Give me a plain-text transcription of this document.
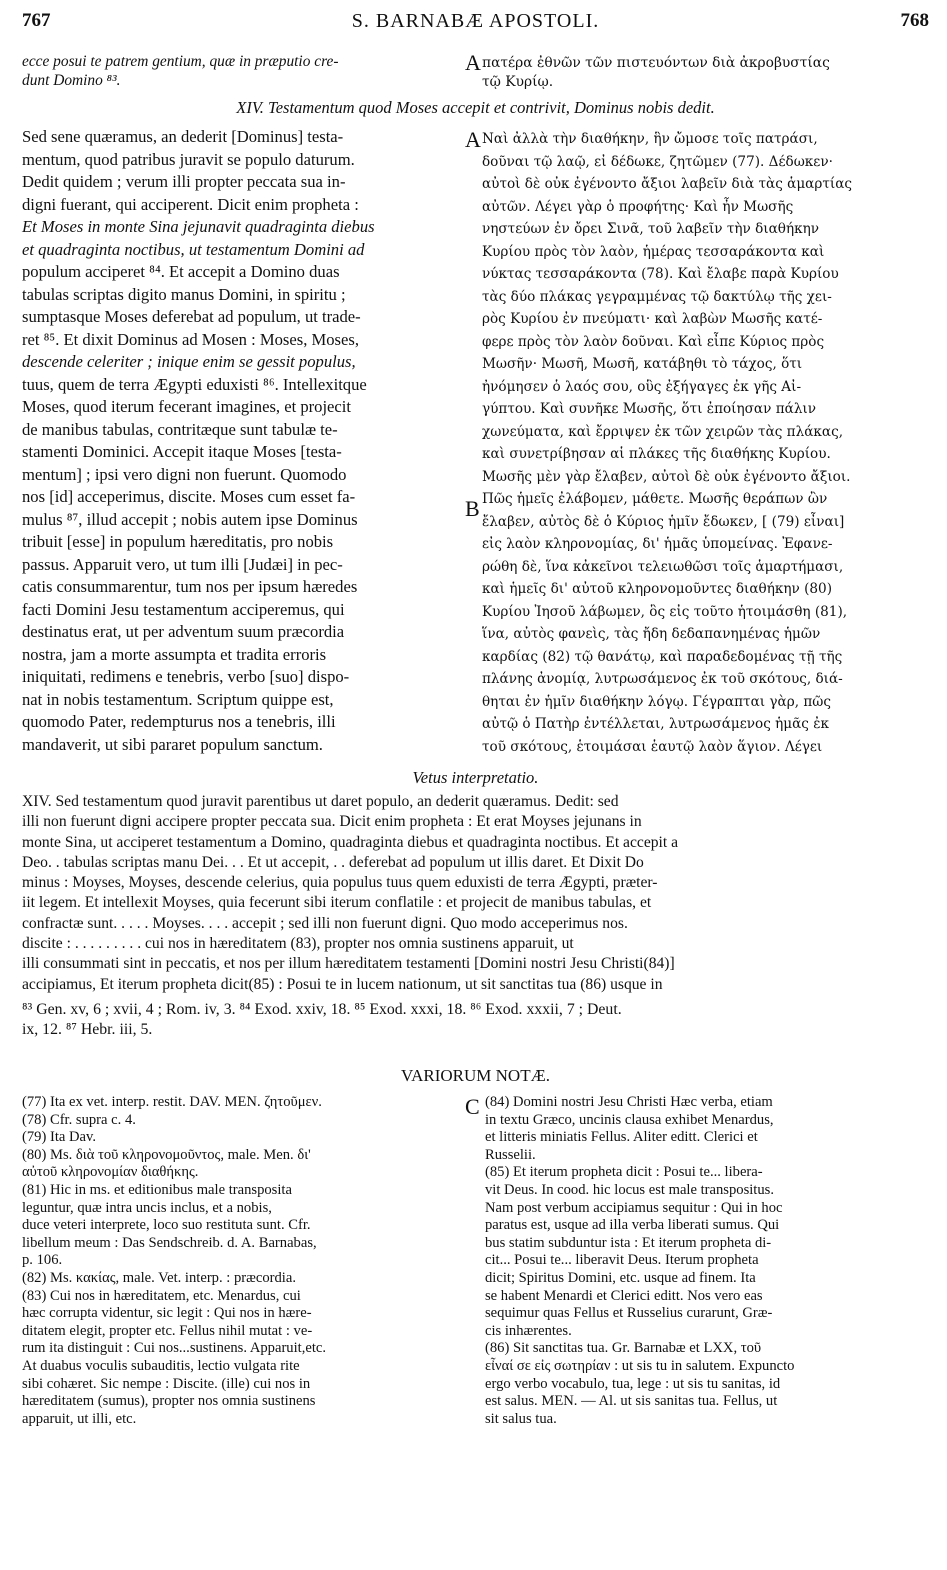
767	S. BARNABÆ APOSTOLI.	768

ecce posui te patrem gentium, quæ in præputio cre-

dunt Domino ⁸³.

πατέρα ἐθνῶν τῶν πιστευόντων διὰ ἀκροβυστίας

τῷ Κυρίῳ.

XIV. Testamentum quod Moses accepit et contrivit, Dominus nobis dedit.

A
A
B
C

Sed sene quæramus, an dederit [Dominus] testa-

mentum, quod patribus juravit se populo daturum.

Dedit quidem ; verum illi propter peccata sua in-

digni fuerant, qui acciperent. Dicit enim propheta :

Et Moses in monte Sina jejunavit quadraginta diebus

et quadraginta noctibus, ut testamentum Domini ad

populum acciperet ⁸⁴. Et accepit a Domino duas

tabulas scriptas digito manus Domini, in spiritu ;

sumptasque Moses deferebat ad populum, ut trade-

ret ⁸⁵. Et dixit Dominus ad Mosen : Moses, Moses,

descende celeriter ; inique enim se gessit populus,

tuus, quem de terra Ægypti eduxisti ⁸⁶. Intellexitque

Moses, quod iterum fecerant imagines, et projecit

de manibus tabulas, contritæque sunt tabulæ te-

stamenti Dominici. Accepit itaque Moses [testa-

mentum] ; ipsi vero digni non fuerunt. Quomodo

nos [id] acceperimus, discite. Moses cum esset fa-

mulus ⁸⁷, illud accepit ; nobis autem ipse Dominus

tribuit [esse] in populum hæreditatis, pro nobis

passus. Apparuit vero, ut tum illi [Judæi] in pec-

catis consummarentur, tum nos per ipsum hæredes

facti Domini Jesu testamentum acciperemus, qui

destinatus erat, ut per adventum suum præcordia

nostra, jam a morte assumpta et tradita erroris

iniquitati, redimens e tenebris, verbo [suo] dispo-

nat in nobis testamentum. Scriptum quippe est,

quomodo Pater, redempturus nos a tenebris, illi

mandaverit, ut sibi pararet populum sanctum.

Ναὶ ἀλλὰ τὴν διαθήκην, ἣν ὤμοσε τοῖς πατράσι,

δοῦναι τῷ λαῷ, εἰ δέδωκε, ζητῶμεν (77). Δέδωκεν·

αὐτοὶ δὲ οὐκ ἐγένοντο ἄξιοι λαβεῖν διὰ τὰς ἁμαρτίας

αὐτῶν. Λέγει γὰρ ὁ προφήτης· Καὶ ἦν Μωσῆς

νηστεύων ἐν ὄρει Σινᾶ, τοῦ λαβεῖν τὴν διαθήκην

Κυρίου πρὸς τὸν λαὸν, ἡμέρας τεσσαράκοντα καὶ

νύκτας τεσσαράκοντα (78). Καὶ ἔλαβε παρὰ Κυρίου

τὰς δύο πλάκας γεγραμμένας τῷ δακτύλῳ τῆς χει-

ρὸς Κυρίου ἐν πνεύματι· καὶ λαβὼν Μωσῆς κατέ-

φερε πρὸς τὸν λαὸν δοῦναι. Καὶ εἶπε Κύριος πρὸς

Μωσῆν· Μωσῆ, Μωσῆ, κατάβηθι τὸ τάχος, ὅτι

ἠνόμησεν ὁ λαός σου, οὓς ἐξήγαγες ἐκ γῆς Αἰ-

γύπτου. Καὶ συνῆκε Μωσῆς, ὅτι ἐποίησαν πάλιν

χωνεύματα, καὶ ἔρριψεν ἐκ τῶν χειρῶν τὰς πλάκας,

καὶ συνετρίβησαν αἱ πλάκες τῆς διαθήκης Κυρίου.

Μωσῆς μὲν γὰρ ἔλαβεν, αὐτοὶ δὲ οὐκ ἐγένοντο ἄξιοι.

Πῶς ἡμεῖς ἐλάβομεν, μάθετε. Μωσῆς θεράπων ὢν

ἔλαβεν, αὐτὸς δὲ ὁ Κύριος ἡμῖν ἔδωκεν, [ (79) εἶναι]

εἰς λαὸν κληρονομίας, δι' ἡμᾶς ὑπομείνας. Ἐφανε-

ρώθη δὲ, ἵνα κἀκεῖνοι τελειωθῶσι τοῖς ἁμαρτήμασι,

καὶ ἡμεῖς δι' αὐτοῦ κληρονομοῦντες διαθήκην (80)

Κυρίου Ἰησοῦ λάβωμεν, ὃς εἰς τοῦτο ἡτοιμάσθη (81),

ἵνα, αὐτὸς φανεὶς, τὰς ἤδη δεδαπανημένας ἡμῶν

καρδίας (82) τῷ θανάτῳ, καὶ παραδεδομένας τῇ τῆς

πλάνης ἀνομίᾳ, λυτρωσάμενος ἐκ τοῦ σκότους, διά-

θηται ἐν ἡμῖν διαθήκην λόγῳ. Γέγραπται γὰρ, πῶς

αὐτῷ ὁ Πατὴρ ἐντέλλεται, λυτρωσάμενος ἡμᾶς ἐκ

τοῦ σκότους, ἑτοιμάσαι ἑαυτῷ λαὸν ἅγιον. Λέγει

Vetus interpretatio.

XIV. Sed testamentum quod juravit parentibus ut daret populo, an dederit quæramus. Dedit: sed

illi non fuerunt digni accipere propter peccata sua. Dicit enim propheta : Et erat Moyses jejunans in

monte Sina, ut acciperet testamentum a Domino, quadraginta diebus et quadraginta noctibus. Et accepit a

Deo. . tabulas scriptas manu Dei. . . Et ut accepit, . . deferebat ad populum ut illis daret. Et Dixit Do

minus : Moyses, Moyses, descende celerius, quia populus tuus quem eduxisti de terra Ægypti, præter-

iit legem. Et intellexit Moyses, quia fecerunt sibi iterum conflatile : et projecit de manibus tabulas, et

confractæ sunt. . . . . Moyses. . . . accepit ; sed illi non fuerunt digni. Quo modo acceperimus nos.

discite : . . . . . . . . . cui nos in hæreditatem (83), propter nos omnia sustinens apparuit, ut

illi consummati sint in peccatis, et nos per illum hæreditatem testamenti [Domini nostri Jesu Christi(84)]

accipiamus, Et iterum propheta dicit(85) : Posui te in lucem nationum, ut sit sanctitas tua (86) usque in

⁸³ Gen. xv, 6 ; xvii, 4 ; Rom. iv, 3. ⁸⁴ Exod. xxiv, 18. ⁸⁵ Exod. xxxi, 18. ⁸⁶ Exod. xxxii, 7 ; Deut.

ix, 12. ⁸⁷ Hebr. iii, 5.

VARIORUM NOTÆ.

(77) Ita ex vet. interp. restit. DAV. MEN. ζητοῦμεν.

(78) Cfr. supra c. 4.

(79) Ita Dav.

(80) Ms. διὰ τοῦ κληρονομοῦντος, male. Men. δι'

αὐτοῦ κληρονομίαν διαθήκης.

(81) Hic in ms. et editionibus male transposita

leguntur, quæ intra uncis inclus, et a nobis,

duce veteri interprete, loco suo restituta sunt. Cfr.

libellum meum : Das Sendschreib. d. A. Barnabas,

p. 106.

(82) Ms. κακίας, male. Vet. interp. : præcordia.

(83) Cui nos in hæreditatem, etc. Menardus, cui

hæc corrupta videntur, sic legit : Qui nos in hære-

ditatem elegit, propter etc. Fellus nihil mutat : ve-

rum ita distinguit : Cui nos...sustinens. Apparuit,etc.

At duabus voculis subauditis, lectio vulgata rite

sibi cohæret. Sic nempe : Discite. (ille) cui nos in

hæreditatem (sumus), propter nos omnia sustinens

apparuit, ut illi, etc.

(84) Domini nostri Jesu Christi Hæc verba, etiam

in textu Græco, uncinis clausa exhibet Menardus,

et litteris miniatis Fellus. Aliter editt. Clerici et

Russelii.

(85) Et iterum propheta dicit : Posui te... libera-

vit Deus. In cood. hic locus est male transpositus.

Nam post verbum accipiamus sequitur : Qui in hoc

paratus est, usque ad illa verba liberati sumus. Qui

bus statim subduntur ista : Et iterum propheta di-

cit... Posui te... liberavit Deus. Iterum propheta

dicit; Spiritus Domini, etc. usque ad finem. Ita

se habent Menardi et Clerici editt. Nos vero eas

sequimur quas Fellus et Russelius curarunt, Græ-

cis inhærentes.

(86) Sit sanctitas tua. Gr. Barnabæ et LXX, τοῦ

εἶναί σε εἰς σωτηρίαν : ut sis tu in salutem. Expuncto

ergo verbo vocabulo, tua, lege : ut sis tu sanitas, id

est salus. MEN. — Al. ut sis sanitas tua. Fellus, ut

sit salus tua.
